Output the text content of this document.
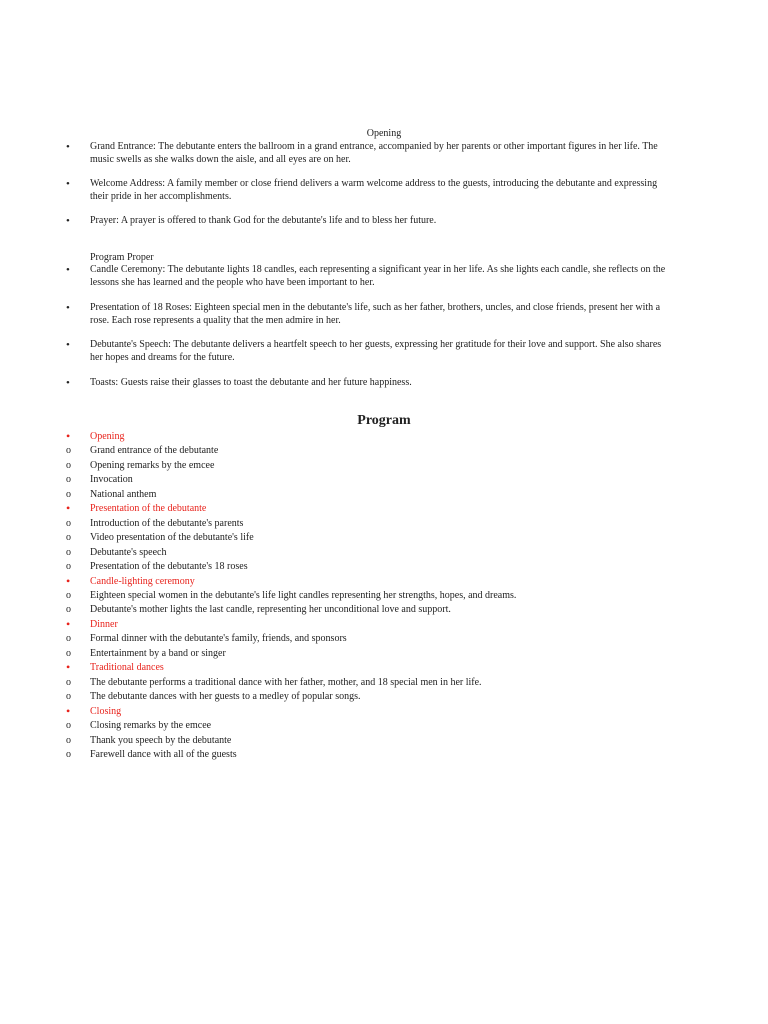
Opening
•	Grand Entrance: The debutante enters the ballroom in a grand entrance, accompanied by her parents or other important figures in her life. The music swells as she walks down the aisle, and all eyes are on her.
•	Welcome Address: A family member or close friend delivers a warm welcome address to the guests, introducing the debutante and expressing their pride in her accomplishments.
•	Prayer: A prayer is offered to thank God for the debutante's life and to bless her future.
Program Proper
•	Candle Ceremony: The debutante lights 18 candles, each representing a significant year in her life. As she lights each candle, she reflects on the lessons she has learned and the people who have been important to her.
•	Presentation of 18 Roses: Eighteen special men in the debutante's life, such as her father, brothers, uncles, and close friends, present her with a rose. Each rose represents a quality that the men admire in her.
•	Debutante's Speech: The debutante delivers a heartfelt speech to her guests, expressing her gratitude for their love and support. She also shares her hopes and dreams for the future.
•	Toasts: Guests raise their glasses to toast the debutante and her future happiness.
Program
•	Opening
o	Grand entrance of the debutante
o	Opening remarks by the emcee
o	Invocation
o	National anthem
•	Presentation of the debutante
o	Introduction of the debutante's parents
o	Video presentation of the debutante's life
o	Debutante's speech
o	Presentation of the debutante's 18 roses
•	Candle-lighting ceremony
o	Eighteen special women in the debutante's life light candles representing her strengths, hopes, and dreams.
o	Debutante's mother lights the last candle, representing her unconditional love and support.
•	Dinner
o	Formal dinner with the debutante's family, friends, and sponsors
o	Entertainment by a band or singer
•	Traditional dances
o	The debutante performs a traditional dance with her father, mother, and 18 special men in her life.
o	The debutante dances with her guests to a medley of popular songs.
•	Closing
o	Closing remarks by the emcee
o	Thank you speech by the debutante
o	Farewell dance with all of the guests
